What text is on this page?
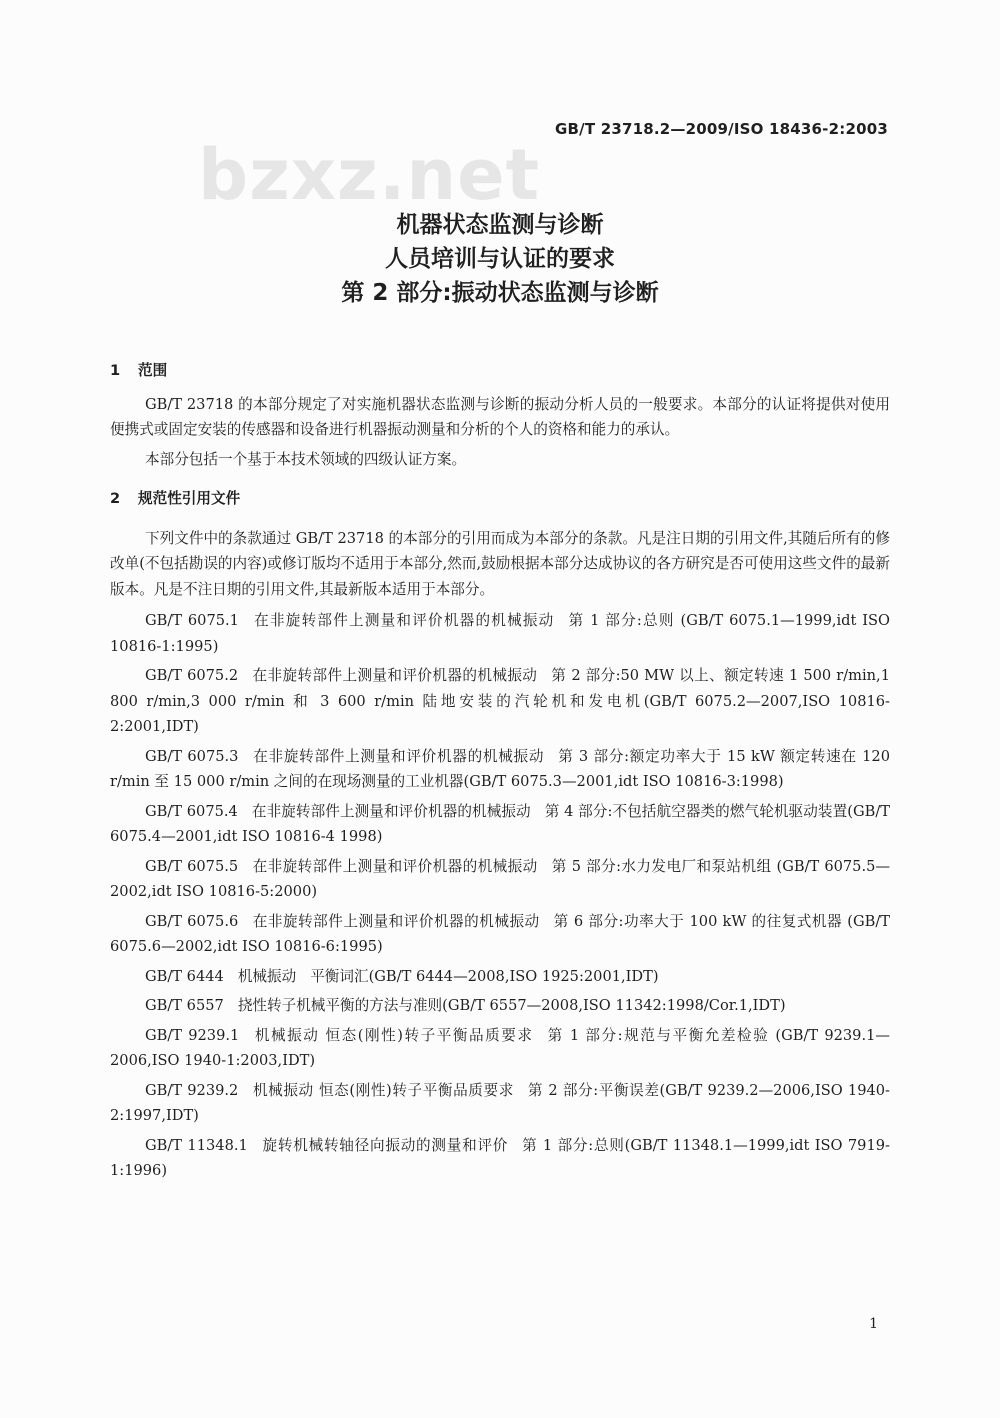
GB/T 23718.2—2009/ISO 18436-2:2003
bzxz.net
机器状态监测与诊断
人员培训与认证的要求
第 2 部分:振动状态监测与诊断
1 范围

GB/T 23718 的本部分规定了对实施机器状态监测与诊断的振动分析人员的一般要求。本部分的认证将提供对使用便携式或固定安装的传感器和设备进行机器振动测量和分析的个人的资格和能力的承认。

本部分包括一个基于本技术领域的四级认证方案。

2 规范性引用文件

下列文件中的条款通过 GB/T 23718 的本部分的引用而成为本部分的条款。凡是注日期的引用文件,其随后所有的修改单(不包括勘误的内容)或修订版均不适用于本部分,然而,鼓励根据本部分达成协议的各方研究是否可使用这些文件的最新版本。凡是不注日期的引用文件,其最新版本适用于本部分。

GB/T 6075.1 在非旋转部件上测量和评价机器的机械振动 第 1 部分:总则 (GB/T 6075.1—1999,idt ISO 10816-1:1995)

GB/T 6075.2 在非旋转部件上测量和评价机器的机械振动 第 2 部分:50 MW 以上、额定转速 1 500 r/min,1 800 r/min,3 000 r/min 和 3 600 r/min 陆地安装的汽轮机和发电机(GB/T 6075.2—2007,ISO 10816-2:2001,IDT)

GB/T 6075.3 在非旋转部件上测量和评价机器的机械振动 第 3 部分:额定功率大于 15 kW 额定转速在 120 r/min 至 15 000 r/min 之间的在现场测量的工业机器(GB/T 6075.3—2001,idt ISO 10816-3:1998)

GB/T 6075.4 在非旋转部件上测量和评价机器的机械振动 第 4 部分:不包括航空器类的燃气轮机驱动装置(GB/T 6075.4—2001,idt ISO 10816-4 1998)

GB/T 6075.5 在非旋转部件上测量和评价机器的机械振动 第 5 部分:水力发电厂和泵站机组 (GB/T 6075.5—2002,idt ISO 10816-5:2000)

GB/T 6075.6 在非旋转部件上测量和评价机器的机械振动 第 6 部分:功率大于 100 kW 的往复式机器 (GB/T 6075.6—2002,idt ISO 10816-6:1995)

GB/T 6444 机械振动 平衡词汇(GB/T 6444—2008,ISO 1925:2001,IDT)

GB/T 6557 挠性转子机械平衡的方法与准则(GB/T 6557—2008,ISO 11342:1998/Cor.1,IDT)

GB/T 9239.1 机械振动 恒态(刚性)转子平衡品质要求 第 1 部分:规范与平衡允差检验 (GB/T 9239.1—2006,ISO 1940-1:2003,IDT)

GB/T 9239.2 机械振动 恒态(刚性)转子平衡品质要求 第 2 部分:平衡误差(GB/T 9239.2—2006,ISO 1940-2:1997,IDT)

GB/T 11348.1 旋转机械转轴径向振动的测量和评价 第 1 部分:总则(GB/T 11348.1—1999,idt ISO 7919-1:1996)

1
